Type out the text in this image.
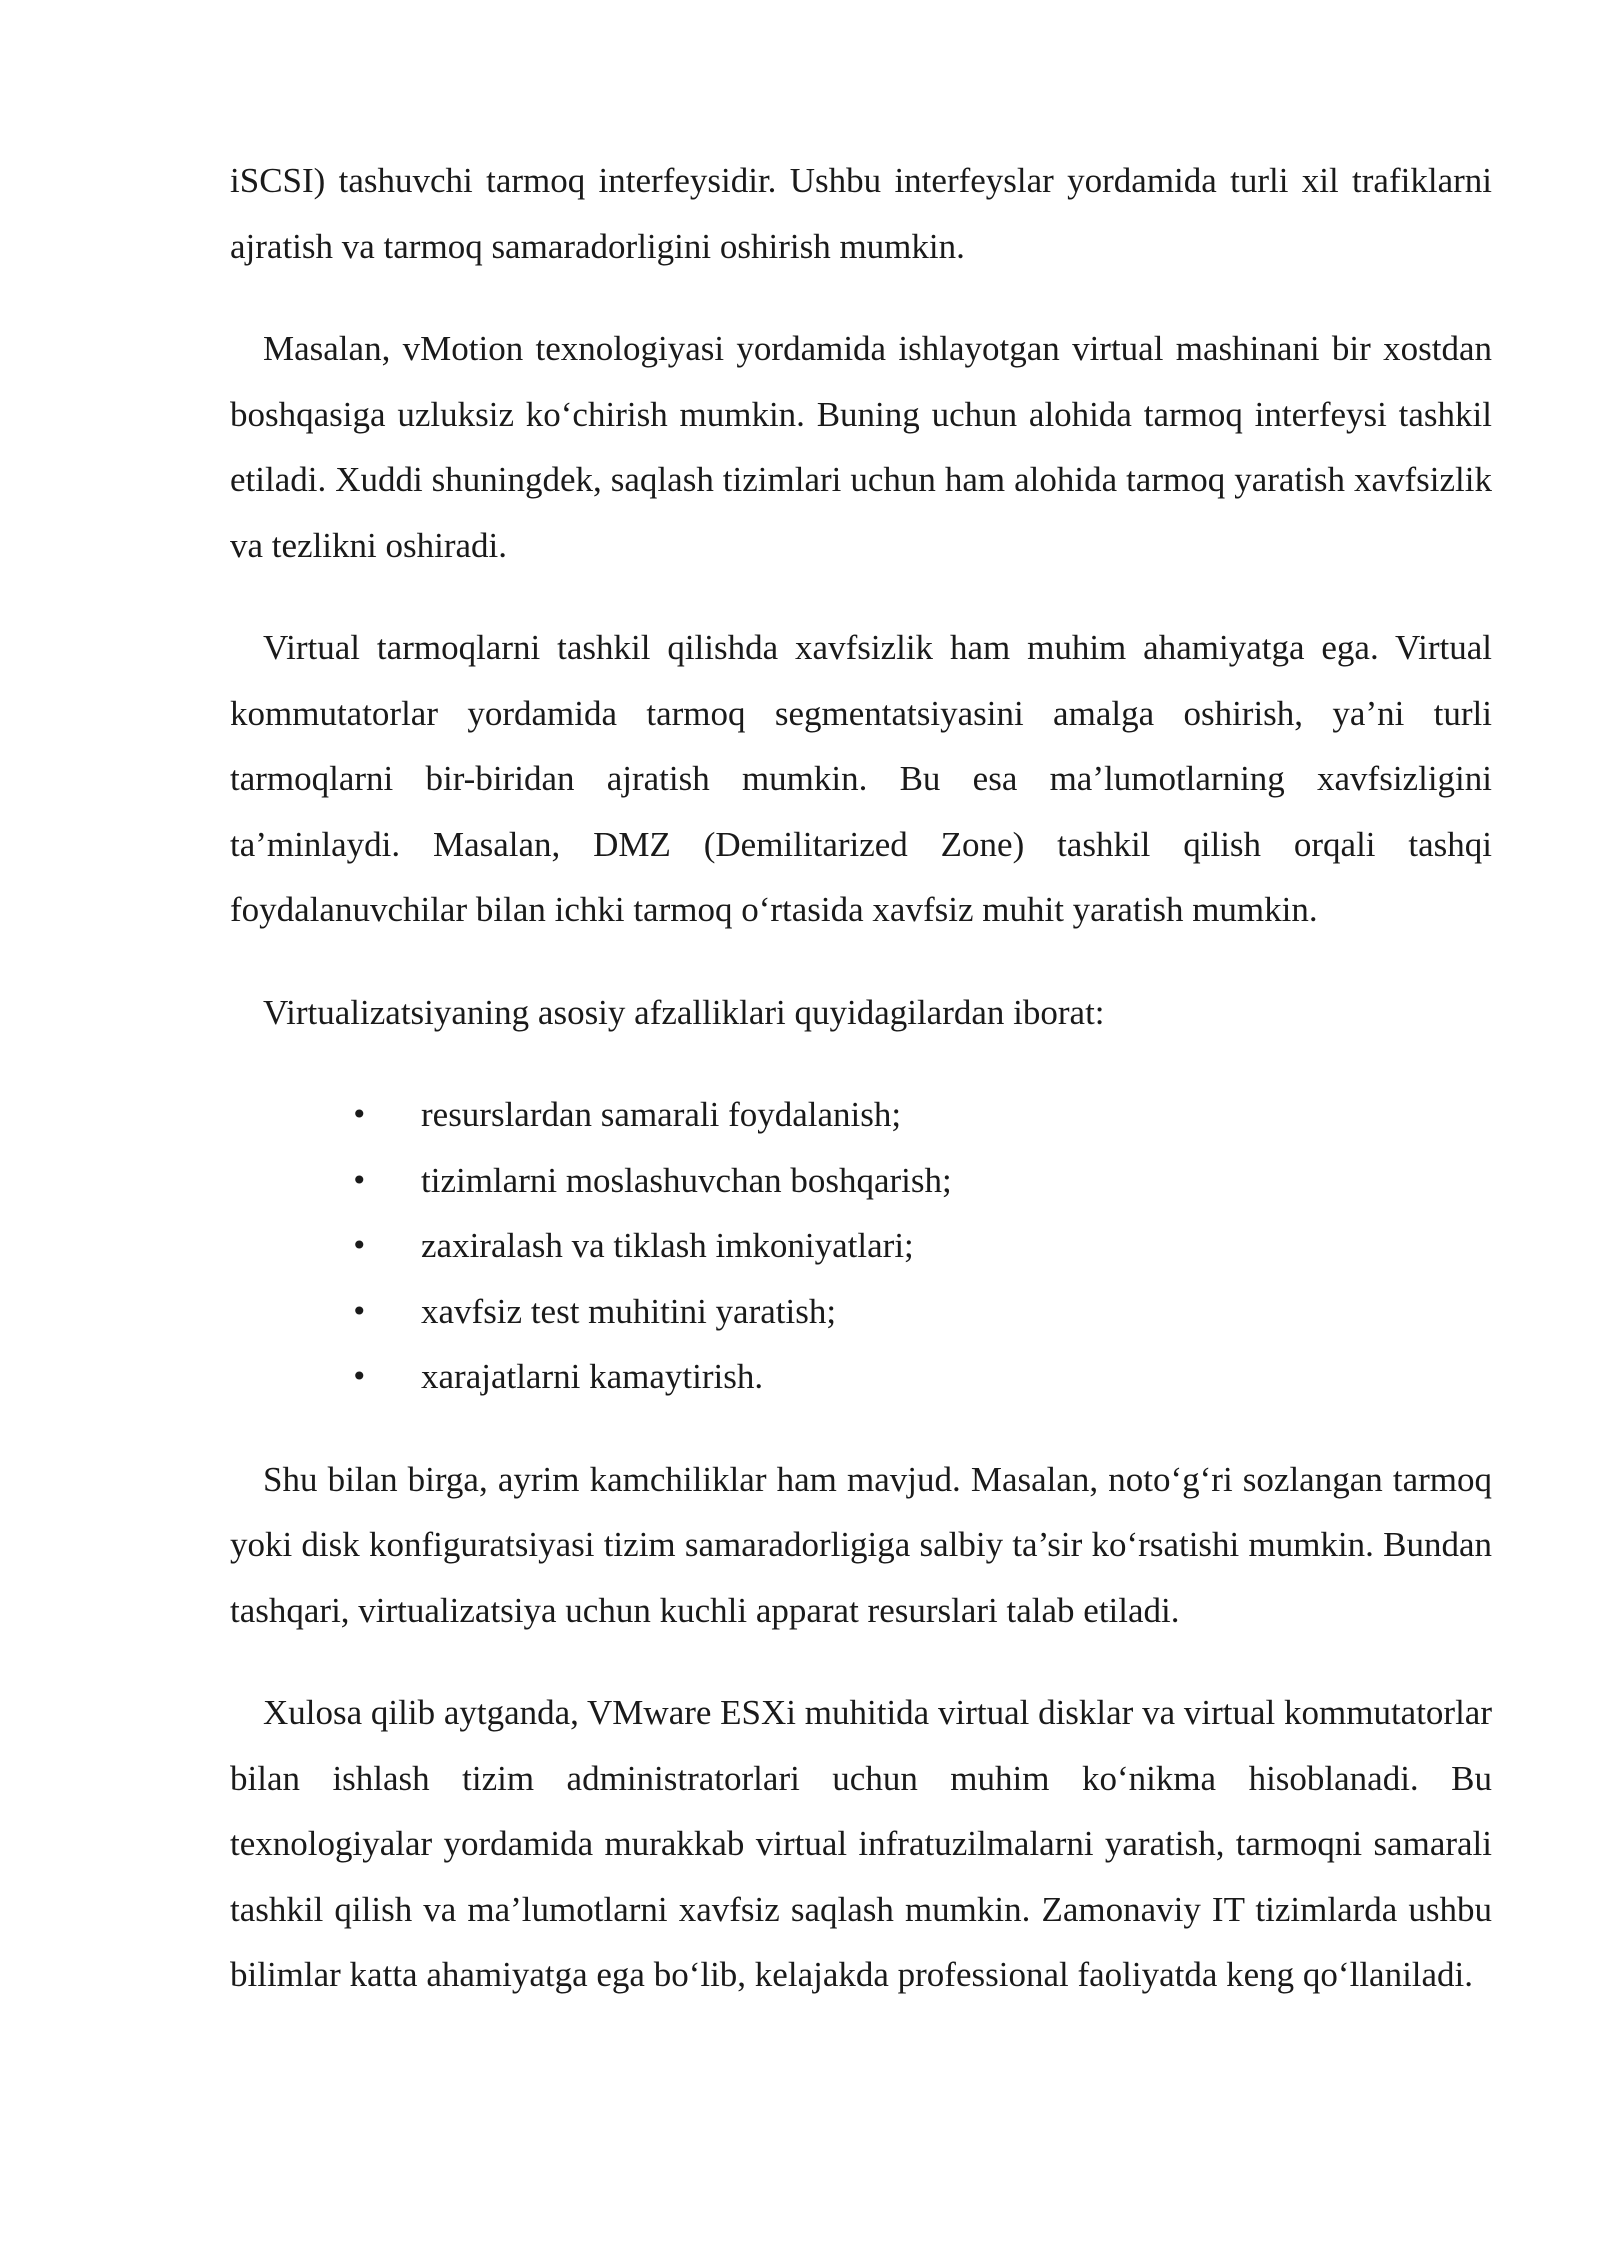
iSCSI) tashuvchi tarmoq interfeysidir. Ushbu interfeyslar yordamida turli xil trafiklarni ajratish va tarmoq samaradorligini oshirish mumkin.

Masalan, vMotion texnologiyasi yordamida ishlayotgan virtual mashinani bir xostdan boshqasiga uzluksiz ko‘chirish mumkin. Buning uchun alohida tarmoq interfeysi tashkil etiladi. Xuddi shuningdek, saqlash tizimlari uchun ham alohida tarmoq yaratish xavfsizlik va tezlikni oshiradi.

Virtual tarmoqlarni tashkil qilishda xavfsizlik ham muhim ahamiyatga ega. Virtual kommutatorlar yordamida tarmoq segmentatsiyasini amalga oshirish, ya’ni turli tarmoqlarni bir-biridan ajratish mumkin. Bu esa ma’lumotlarning xavfsizligini ta’minlaydi. Masalan, DMZ (Demilitarized Zone) tashkil qilish orqali tashqi foydalanuvchilar bilan ichki tarmoq o‘rtasida xavfsiz muhit yaratish mumkin.

Virtualizatsiyaning asosiy afzalliklari quyidagilardan iborat:

• resurslardan samarali foydalanish;
• tizimlarni moslashuvchan boshqarish;
• zaxiralash va tiklash imkoniyatlari;
• xavfsiz test muhitini yaratish;
• xarajatlarni kamaytirish.

Shu bilan birga, ayrim kamchiliklar ham mavjud. Masalan, noto‘g‘ri sozlangan tarmoq yoki disk konfiguratsiyasi tizim samaradorligiga salbiy ta’sir ko‘rsatishi mumkin. Bundan tashqari, virtualizatsiya uchun kuchli apparat resurslari talab etiladi.

Xulosa qilib aytganda, VMware ESXi muhitida virtual disklar va virtual kommutatorlar bilan ishlash tizim administratorlari uchun muhim ko‘nikma hisoblanadi. Bu texnologiyalar yordamida murakkab virtual infratuzilmalarni yaratish, tarmoqni samarali tashkil qilish va ma’lumotlarni xavfsiz saqlash mumkin. Zamonaviy IT tizimlarda ushbu bilimlar katta ahamiyatga ega bo‘lib, kelajakda professional faoliyatda keng qo‘llaniladi.
